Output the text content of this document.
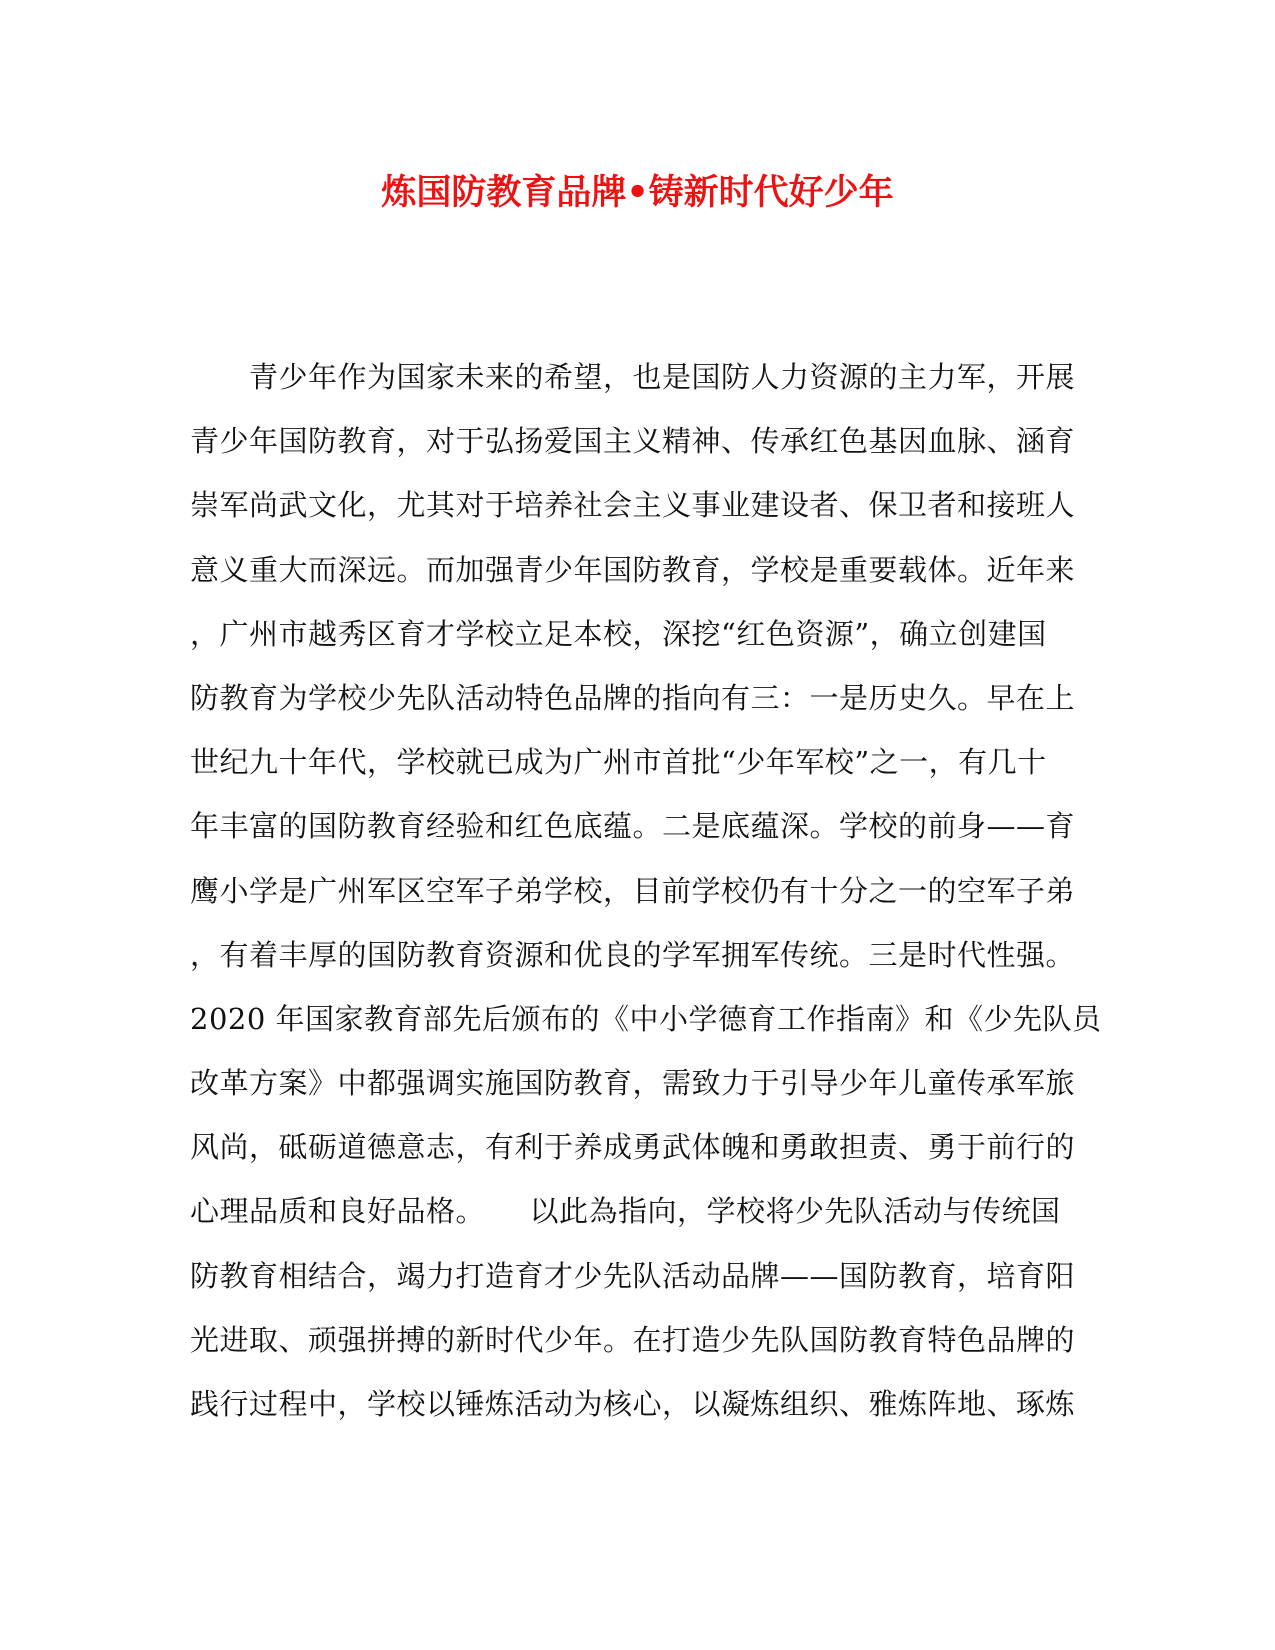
炼国防教育品牌•铸新时代好少年
　　青少年作为国家未来的希望，也是国防人力资源的主力军，开展
青少年国防教育，对于弘扬爱国主义精神、传承红色基因血脉、涵育
崇军尚武文化，尤其对于培养社会主义事业建设者、保卫者和接班人
意义重大而深远。而加强青少年国防教育，学校是重要载体。近年来
，广州市越秀区育才学校立足本校，深挖“红色资源”，确立创建国
防教育为学校少先队活动特色品牌的指向有三：一是历史久。早在上
世纪九十年代，学校就已成为广州市首批“少年军校”之一，有几十
年丰富的国防教育经验和红色底蕴。二是底蕴深。学校的前身——育
鹰小学是广州军区空军子弟学校，目前学校仍有十分之一的空军子弟
，有着丰厚的国防教育资源和优良的学军拥军传统。三是时代性强。
2020 年国家教育部先后颁布的《中小学德育工作指南》和《少先队员
改革方案》中都强调实施国防教育，需致力于引导少年儿童传承军旅
风尚，砥砺道德意志，有利于养成勇武体魄和勇敢担责、勇于前行的
心理品质和良好品格。　　以此為指向，学校将少先队活动与传统国
防教育相结合，竭力打造育才少先队活动品牌——国防教育，培育阳
光进取、顽强拼搏的新时代少年。在打造少先队国防教育特色品牌的
践行过程中，学校以锤炼活动为核心，以凝炼组织、雅炼阵地、琢炼
